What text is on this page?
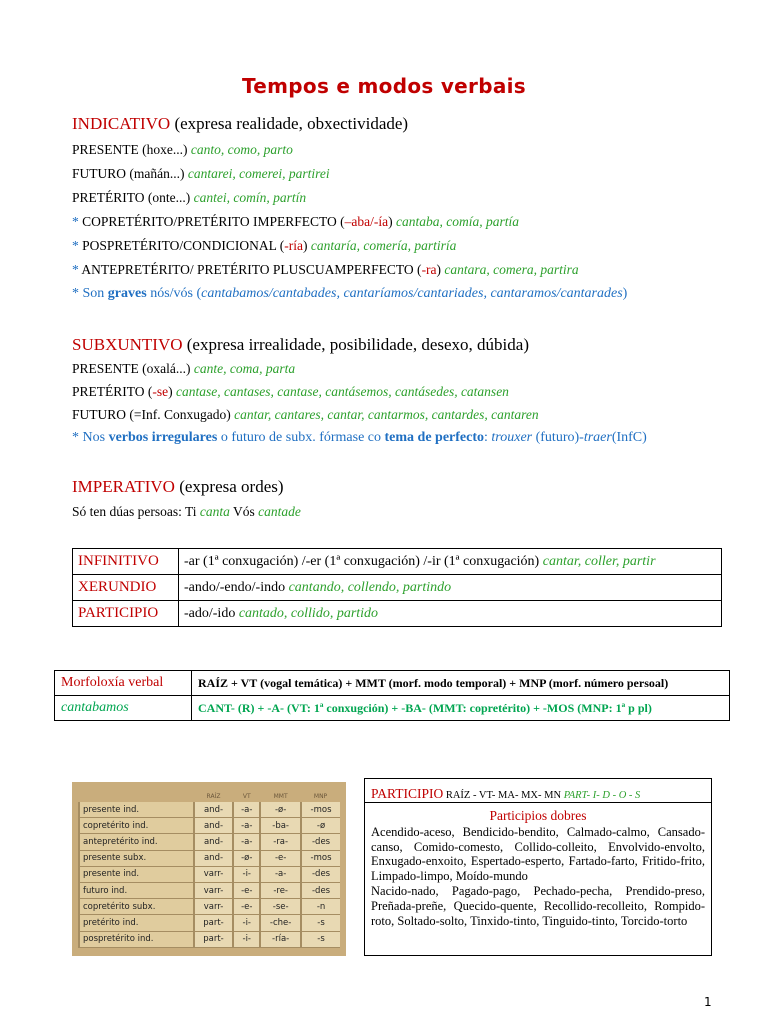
Tempos e modos verbais
INDICATIVO (expresa realidade, obxectividade)
PRESENTE (hoxe...) canto, como, parto
FUTURO (mañán...) cantarei, comerei, partirei
PRETÉRITO (onte...) cantei, comín, partín
* COPRETÉRITO/PRETÉRITO IMPERFECTO (–aba/-ía) cantaba, comía, partía
* POSPRETÉRITO/CONDICIONAL (-ría) cantaría, comería, partiría
* ANTEPRETÉRITO/ PRETÉRITO PLUSCUAMPERFECTO (-ra) cantara, comera, partira
* Son graves nós/vós (cantabamos/cantabades, cantaríamos/cantariades, cantaramos/cantarades)
SUBXUNTIVO (expresa irrealidade, posibilidade, desexo, dúbida)
PRESENTE (oxalá...) cante, coma, parta
PRETÉRITO (-se) cantase, cantases, cantase, cantásemos, cantásedes, catansen
FUTURO (=Inf. Conxugado) cantar, cantares, cantar, cantarmos, cantardes, cantaren
* Nos verbos irregulares o futuro de subx. fórmase co tema de perfecto: trouxer (futuro)-traer(InfC)
IMPERATIVO (expresa ordes)
Só ten dúas persoas: Ti canta Vós cantade
INFINITIVO	-ar (1ª conxugación) /-er (1ª conxugación) /-ir (1ª conxugación) cantar, coller, partir
XERUNDIO	-ando/-endo/-indo cantando, collendo, partindo
PARTICIPIO	-ado/-ido cantado, collido, partido
Morfoloxía verbal	RAÍZ + VT (vogal temática) + MMT (morf. modo temporal) + MNP (morf. número persoal)
cantabamos	CANT- (R) + -A- (VT: 1ª conxugción) + -BA- (MMT: copretérito) + -MOS (MNP: 1ª p pl)
	RAÍZ	VT	MMT	MNP
presente ind.	and-	-a-	-ø-	-mos
copretérito ind.	and-	-a-	-ba-	-ø
antepretérito ind.	and-	-a-	-ra-	-des
presente subx.	and-	-ø-	-e-	-mos
presente ind.	varr-	-i-	-a-	-des
futuro ind.	varr-	-e-	-re-	-des
copretérito subx.	varr-	-e-	-se-	-n
pretérito ind.	part-	-i-	-che-	-s
pospretérito ind.	part-	-i-	-ría-	-s
PARTICIPIO RAÍZ - VT- MA- MX- MN PART- I- D - O - S
Participios dobres
Acendido-aceso, Bendicido-bendito, Calmado-calmo, Cansado-canso, Comido-comesto, Collido-colleito, Envolvido-envolto, Enxugado-enxoito, Espertado-esperto, Fartado-farto, Fritido-frito, Limpado-limpo, Moído-mundo
Nacido-nado, Pagado-pago, Pechado-pecha, Prendido-preso, Preñada-preñe, Quecido-quente, Recollido-recolleito, Rompido-roto, Soltado-solto, Tinxido-tinto, Tinguido-tinto, Torcido-torto
1
